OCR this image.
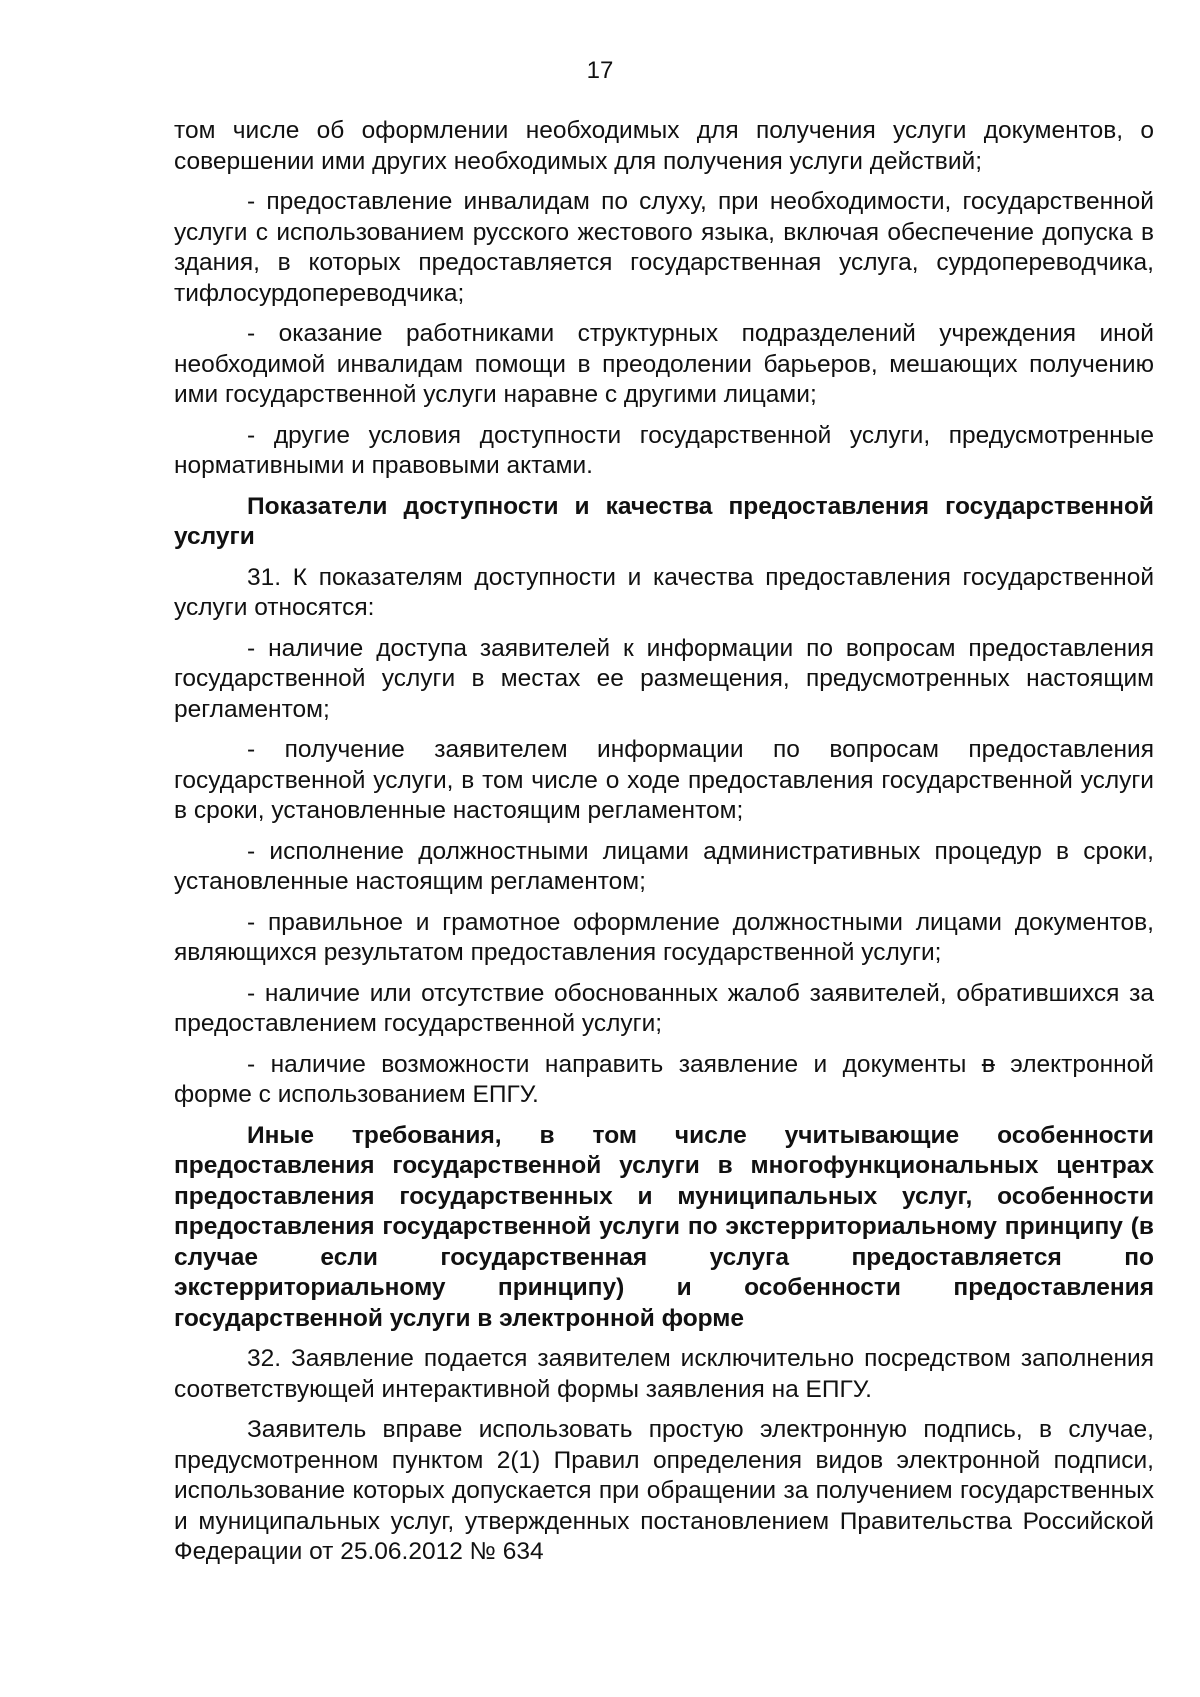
17

том числе об оформлении необходимых для получения услуги документов, о совершении ими других необходимых для получения услуги действий;

- предоставление инвалидам по слуху, при необходимости, государственной услуги с использованием русского жестового языка, включая обеспечение допуска в здания, в которых предоставляется государственная услуга, сурдопереводчика, тифлосурдопереводчика;

- оказание работниками структурных подразделений учреждения иной необходимой инвалидам помощи в преодолении барьеров, мешающих получению ими государственной услуги наравне с другими лицами;

- другие условия доступности государственной услуги, предусмотренные нормативными и правовыми актами.

Показатели доступности и качества предоставления государственной услуги

31. К показателям доступности и качества предоставления государственной услуги относятся:

- наличие доступа заявителей к информации по вопросам предоставления государственной услуги в местах ее размещения, предусмотренных настоящим регламентом;

- получение заявителем информации по вопросам предоставления государственной услуги, в том числе о ходе предоставления государственной услуги в сроки, установленные настоящим регламентом;

- исполнение должностными лицами административных процедур в сроки, установленные настоящим регламентом;

- правильное и грамотное оформление должностными лицами документов, являющихся результатом предоставления государственной услуги;

- наличие или отсутствие обоснованных жалоб заявителей, обратившихся за предоставлением государственной услуги;

- наличие возможности направить заявление и документы в электронной форме с использованием ЕПГУ.

Иные требования, в том числе учитывающие особенности предоставления государственной услуги в многофункциональных центрах предоставления государственных и муниципальных услуг, особенности предоставления государственной услуги по экстерриториальному принципу (в случае если государственная услуга предоставляется по экстерриториальному принципу) и особенности предоставления государственной услуги в электронной форме

32. Заявление подается заявителем исключительно посредством заполнения соответствующей интерактивной формы заявления на ЕПГУ.

Заявитель вправе использовать простую электронную подпись, в случае, предусмотренном пунктом 2(1) Правил определения видов электронной подписи, использование которых допускается при обращении за получением государственных и муниципальных услуг, утвержденных постановлением Правительства Российской Федерации от 25.06.2012 № 634
